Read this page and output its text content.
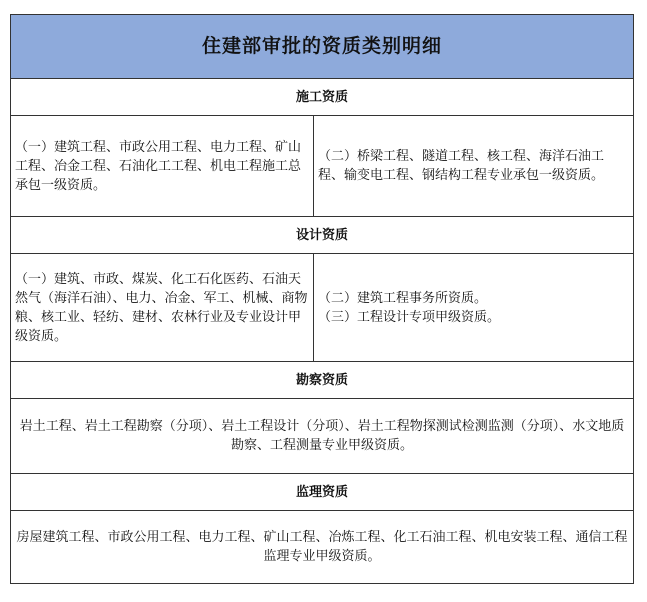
住建部审批的资质类别明细
施工资质
（一）建筑工程、市政公用工程、电力工程、矿山工程、冶金工程、石油化工工程、机电工程施工总承包一级资质。
（二）桥梁工程、隧道工程、核工程、海洋石油工程、输变电工程、钢结构工程专业承包一级资质。
设计资质
（一）建筑、市政、煤炭、化工石化医药、石油天然气（海洋石油）、电力、冶金、军工、机械、商物粮、核工业、轻纺、建材、农林行业及专业设计甲级资质。
（二）建筑工程事务所资质。
（三）工程设计专项甲级资质。
勘察资质
岩土工程、岩土工程勘察（分项）、岩土工程设计（分项）、岩土工程物探测试检测监测（分项）、水文地质勘察、工程测量专业甲级资质。
监理资质
房屋建筑工程、市政公用工程、电力工程、矿山工程、冶炼工程、化工石油工程、机电安装工程、通信工程监理专业甲级资质。
